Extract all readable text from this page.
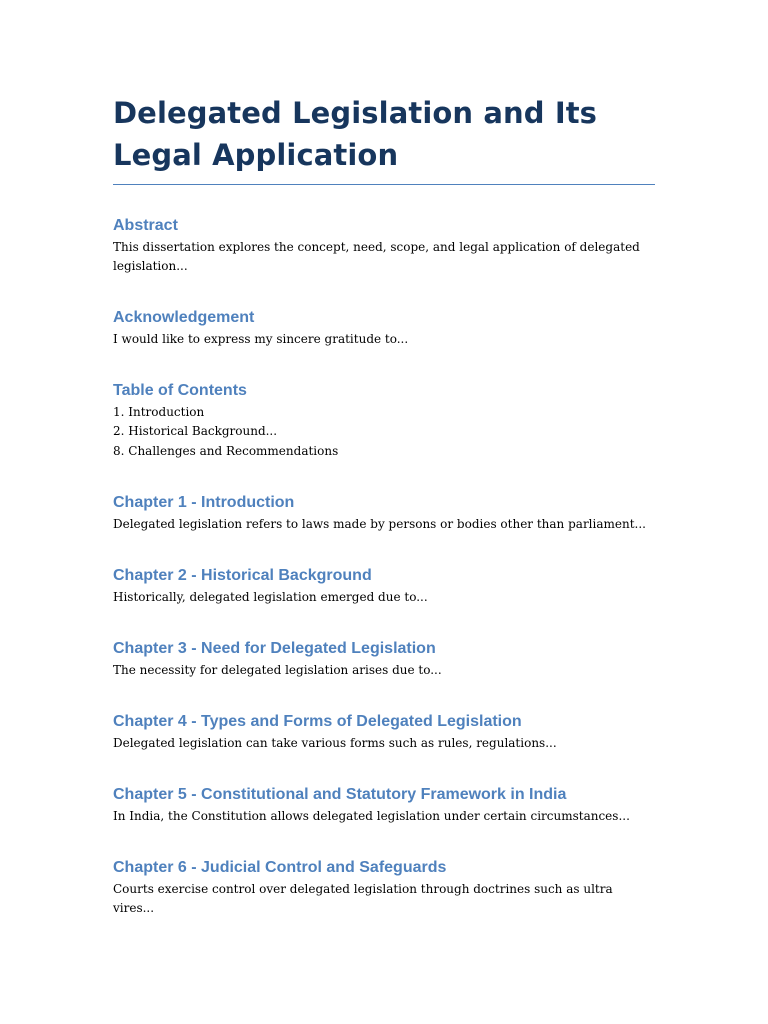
Delegated Legislation and Its Legal Application
Abstract

This dissertation explores the concept, need, scope, and legal application of delegated legislation...

Acknowledgement

I would like to express my sincere gratitude to...

Table of Contents
1. Introduction
2. Historical Background...
8. Challenges and Recommendations
Chapter 1 - Introduction

Delegated legislation refers to laws made by persons or bodies other than parliament...

Chapter 2 - Historical Background

Historically, delegated legislation emerged due to...

Chapter 3 - Need for Delegated Legislation

The necessity for delegated legislation arises due to...

Chapter 4 - Types and Forms of Delegated Legislation

Delegated legislation can take various forms such as rules, regulations...

Chapter 5 - Constitutional and Statutory Framework in India

In India, the Constitution allows delegated legislation under certain circumstances...

Chapter 6 - Judicial Control and Safeguards

Courts exercise control over delegated legislation through doctrines such as ultra vires...
